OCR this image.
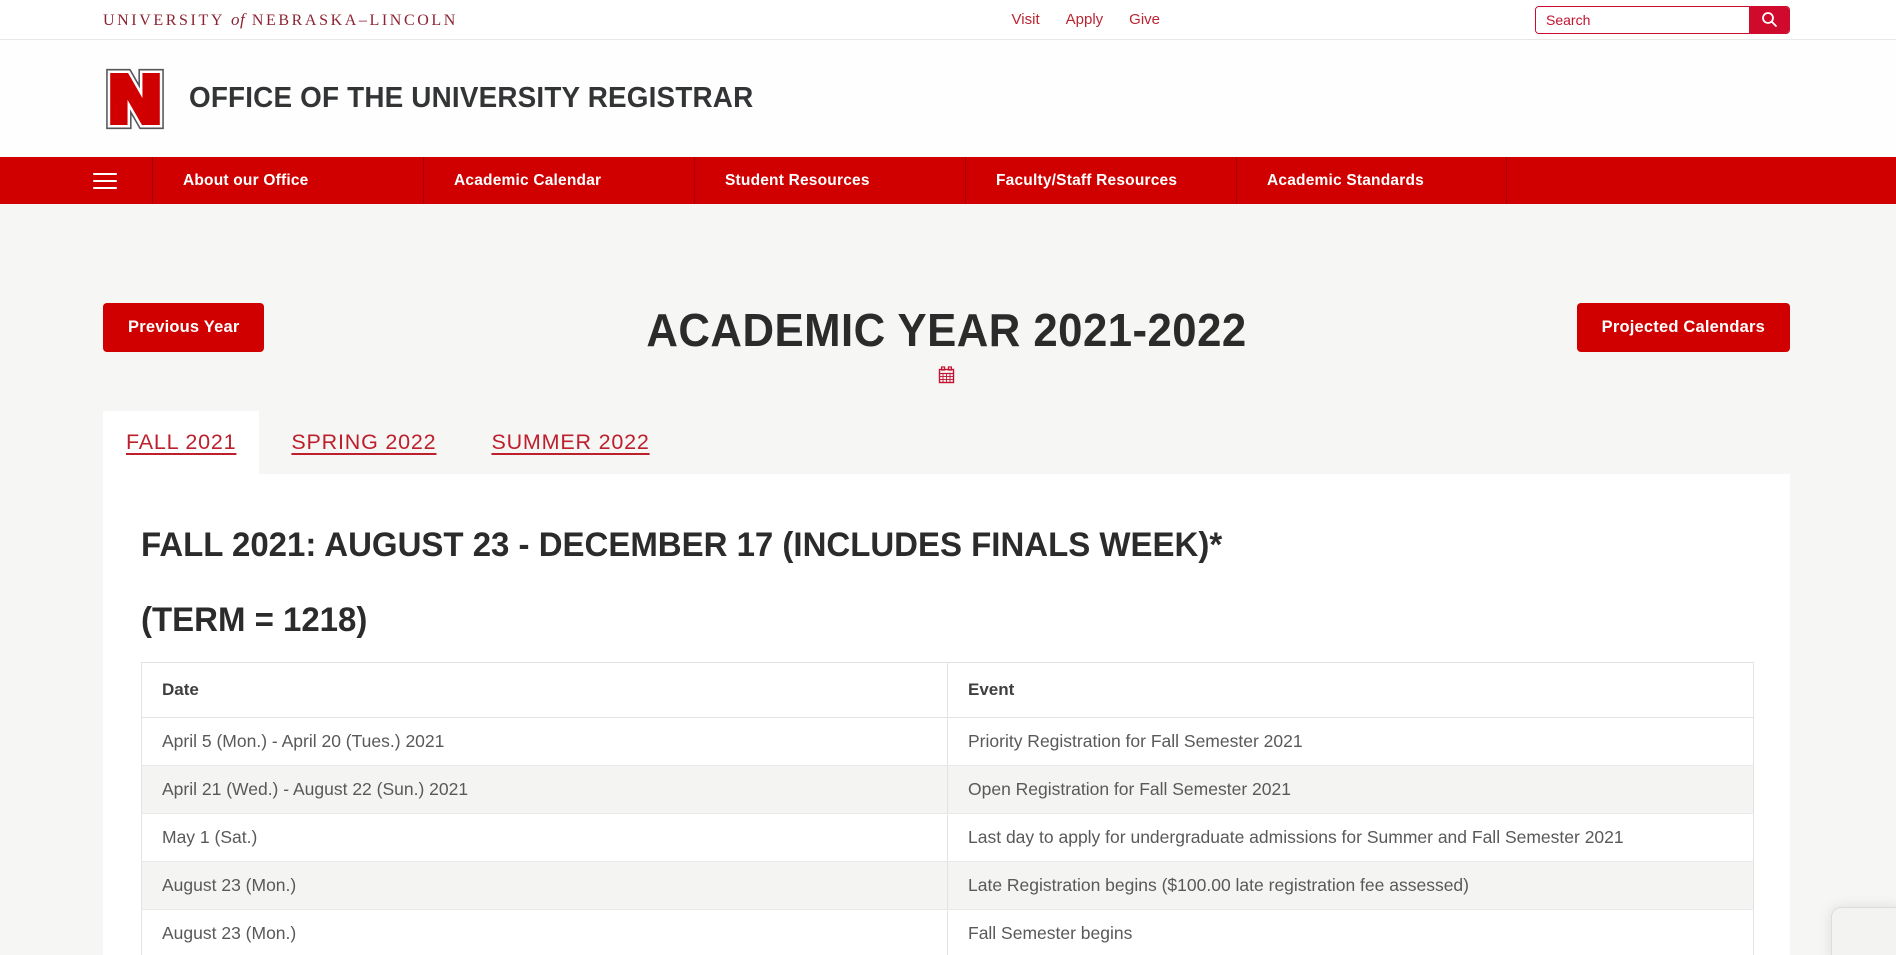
UNIVERSITY of NEBRASKA–LINCOLN	Visit Apply Give
Search
OFFICE OF THE UNIVERSITY REGISTRAR
About our Office	Academic Calendar	Student Resources	Faculty/Staff Resources	Academic Standards
Previous Year	ACADEMIC YEAR 2021-2022	Projected Calendars
FALL 2021	SPRING 2022	SUMMER 2022
FALL 2021: AUGUST 23 - DECEMBER 17 (INCLUDES FINALS WEEK)*
(TERM = 1218)
Date	Event
April 5 (Mon.) - April 20 (Tues.) 2021	Priority Registration for Fall Semester 2021
April 21 (Wed.) - August 22 (Sun.) 2021	Open Registration for Fall Semester 2021
May 1 (Sat.)	Last day to apply for undergraduate admissions for Summer and Fall Semester 2021
August 23 (Mon.)	Late Registration begins ($100.00 late registration fee assessed)
August 23 (Mon.)	Fall Semester begins
